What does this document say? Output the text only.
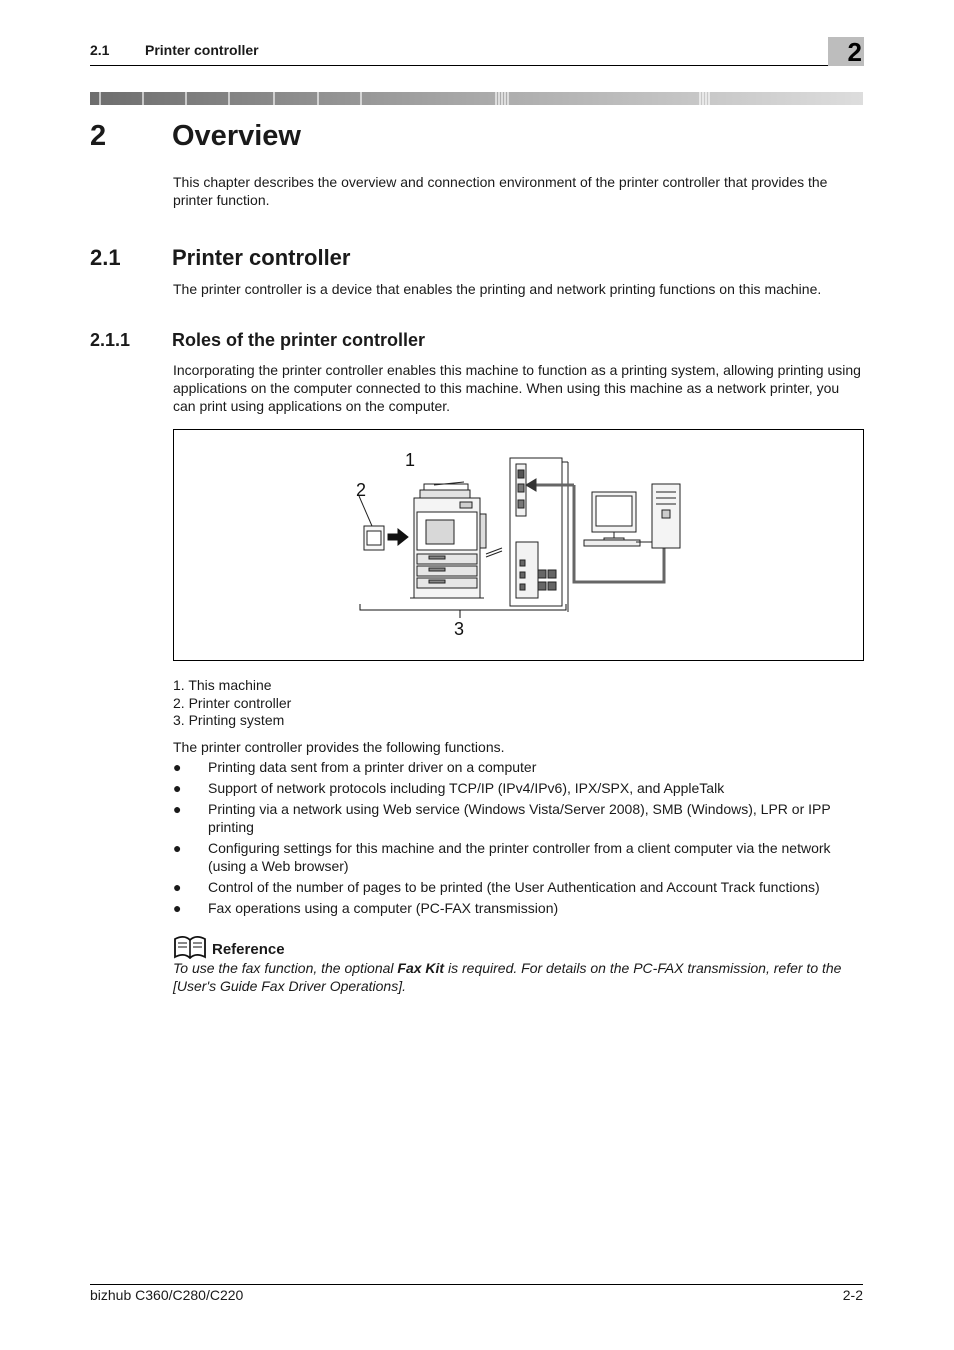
2.1	Printer controller	2
2 Overview

This chapter describes the overview and connection environment of the printer controller that provides the printer function.

2.1 Printer controller

The printer controller is a device that enables the printing and network printing functions on this machine.

2.1.1 Roles of the printer controller

Incorporating the printer controller enables this machine to function as a printing system, allowing printing using applications on the computer connected to this machine. When using this machine as a network printer, you can print using applications on the computer.

1
2
3
1. This machine
2. Printer controller
3. Printing system

The printer controller provides the following functions.

● Printing data sent from a printer driver on a computer
● Support of network protocols including TCP/IP (IPv4/IPv6), IPX/SPX, and AppleTalk
● Printing via a network using Web service (Windows Vista/Server 2008), SMB (Windows), LPR or IPP printing
● Configuring settings for this machine and the printer controller from a client computer via the network (using a Web browser)
● Control of the number of pages to be printed (the User Authentication and Account Track functions)
● Fax operations using a computer (PC-FAX transmission)
Reference

To use the fax function, the optional Fax Kit is required. For details on the PC-FAX transmission, refer to the [User's Guide Fax Driver Operations].

bizhub C360/C280/C220	2-2
